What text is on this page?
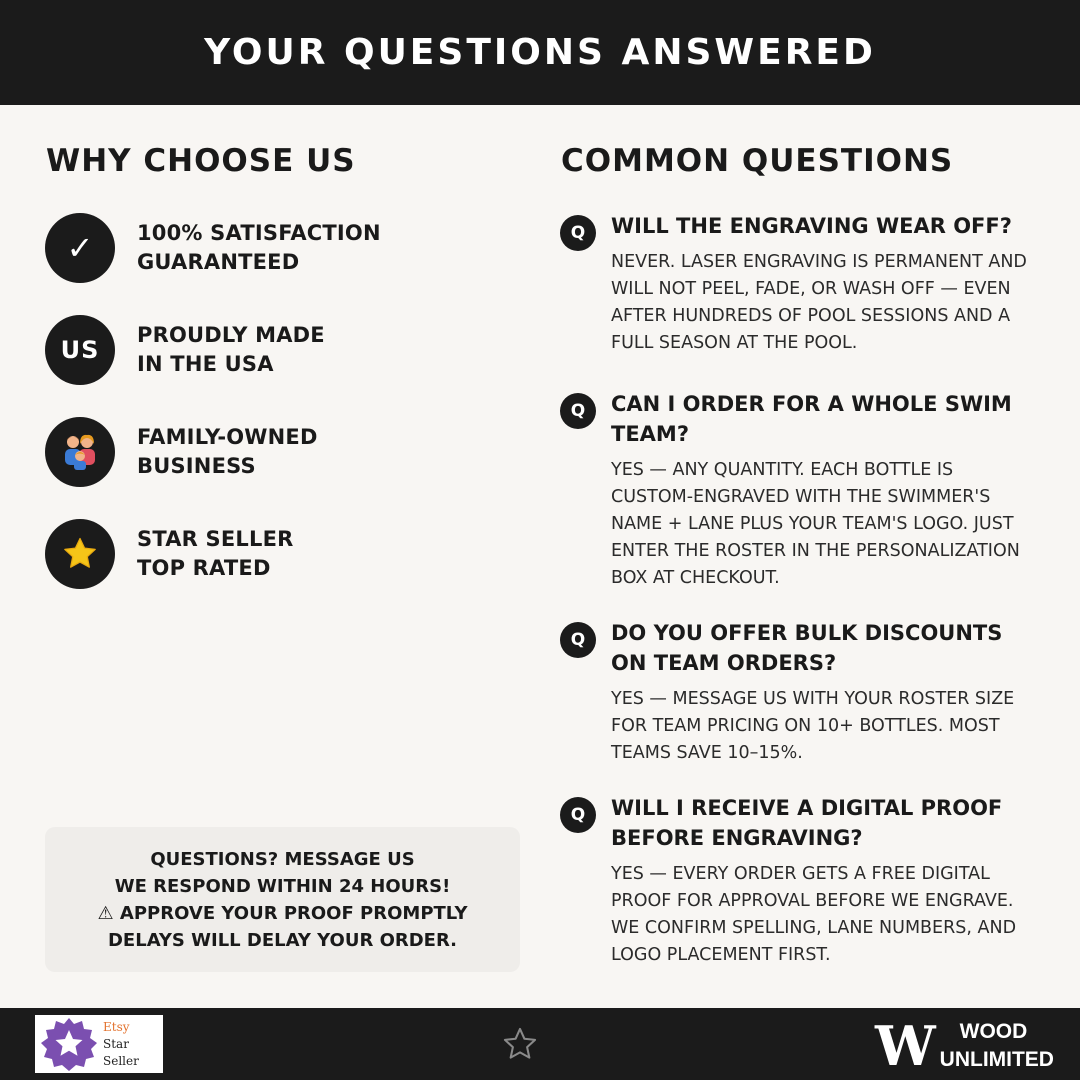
YOUR QUESTIONS ANSWERED
WHY CHOOSE US
✓ 100% SATISFACTION
GUARANTEED
US
PROUDLY MADE
IN THE USA
FAMILY-OWNED
BUSINESS
STAR SELLER
TOP RATED
QUESTIONS? MESSAGE US
WE RESPOND WITHIN 24 HOURS!
⚠ APPROVE YOUR PROOF PROMPTLY
DELAYS WILL DELAY YOUR ORDER.
COMMON QUESTIONS
Q	WILL THE ENGRAVING WEAR OFF?
NEVER. LASER ENGRAVING IS PERMANENT AND WILL NOT PEEL, FADE, OR WASH OFF — EVEN AFTER HUNDREDS OF POOL SESSIONS AND A FULL SEASON AT THE POOL.
Q	CAN I ORDER FOR A WHOLE SWIM TEAM?
YES — ANY QUANTITY. EACH BOTTLE IS CUSTOM-ENGRAVED WITH THE SWIMMER'S NAME + LANE PLUS YOUR TEAM'S LOGO. JUST ENTER THE ROSTER IN THE PERSONALIZATION BOX AT CHECKOUT.
Q	DO YOU OFFER BULK DISCOUNTS ON TEAM ORDERS?
YES — MESSAGE US WITH YOUR ROSTER SIZE FOR TEAM PRICING ON 10+ BOTTLES. MOST TEAMS SAVE 10–15%.
Q	WILL I RECEIVE A DIGITAL PROOF BEFORE ENGRAVING?
YES — EVERY ORDER GETS A FREE DIGITAL PROOF FOR APPROVAL BEFORE WE ENGRAVE. WE CONFIRM SPELLING, LANE NUMBERS, AND LOGO PLACEMENT FIRST.
Etsy
Star Seller	W	WOOD
UNLIMITED
